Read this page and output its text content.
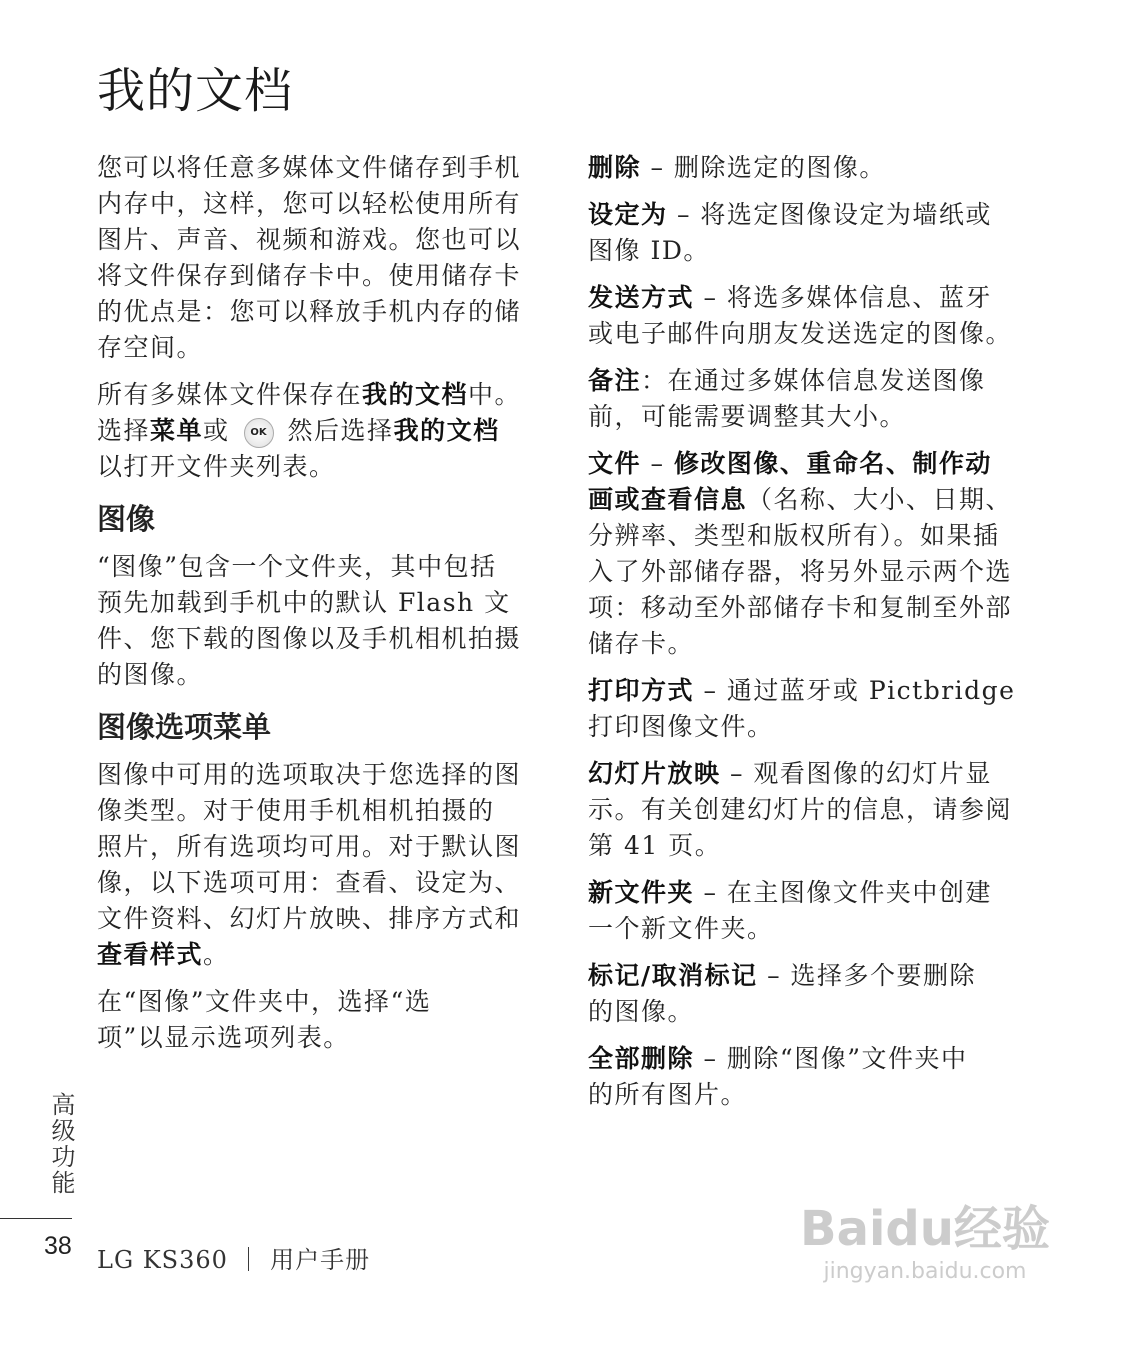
我的文档
您可以将任意多媒体文件储存到手机
内存中，这样，您可以轻松使用所有
图片、声音、视频和游戏。您也可以
将文件保存到储存卡中。使用储存卡
的优点是：您可以释放手机内存的储
存空间。
所有多媒体文件保存在我的文档中。
选择菜单或 OK 然后选择我的文档
以打开文件夹列表。
图像
“图像”包含一个文件夹，其中包括
预先加载到手机中的默认 Flash 文
件、您下载的图像以及手机相机拍摄
的图像。
图像选项菜单
图像中可用的选项取决于您选择的图
像类型。对于使用手机相机拍摄的
照片，所有选项均可用。对于默认图
像，以下选项可用：查看、设定为、
文件资料、幻灯片放映、排序方式和
查看样式。
在“图像”文件夹中，选择“选
项”以显示选项列表。
删除 – 删除选定的图像。
设定为 – 将选定图像设定为墙纸或
图像 ID。
发送方式 – 将选多媒体信息、蓝牙
或电子邮件向朋友发送选定的图像。
备注：在通过多媒体信息发送图像
前，可能需要调整其大小。
文件 – 修改图像、重命名、制作动
画或查看信息（名称、大小、日期、
分辨率、类型和版权所有）。如果插
入了外部储存器，将另外显示两个选
项：移动至外部储存卡和复制至外部
储存卡。
打印方式 – 通过蓝牙或 Pictbridge
打印图像文件。
幻灯片放映 – 观看图像的幻灯片显
示。有关创建幻灯片的信息，请参阅
第 41 页。
新文件夹 – 在主图像文件夹中创建
一个新文件夹。
标记/取消标记 – 选择多个要删除
的图像。
全部删除 – 删除“图像”文件夹中
的所有图片。
高级功能
38 LG KS360 ｜ 用户手册
Baidu经验
jingyan.baidu.com
